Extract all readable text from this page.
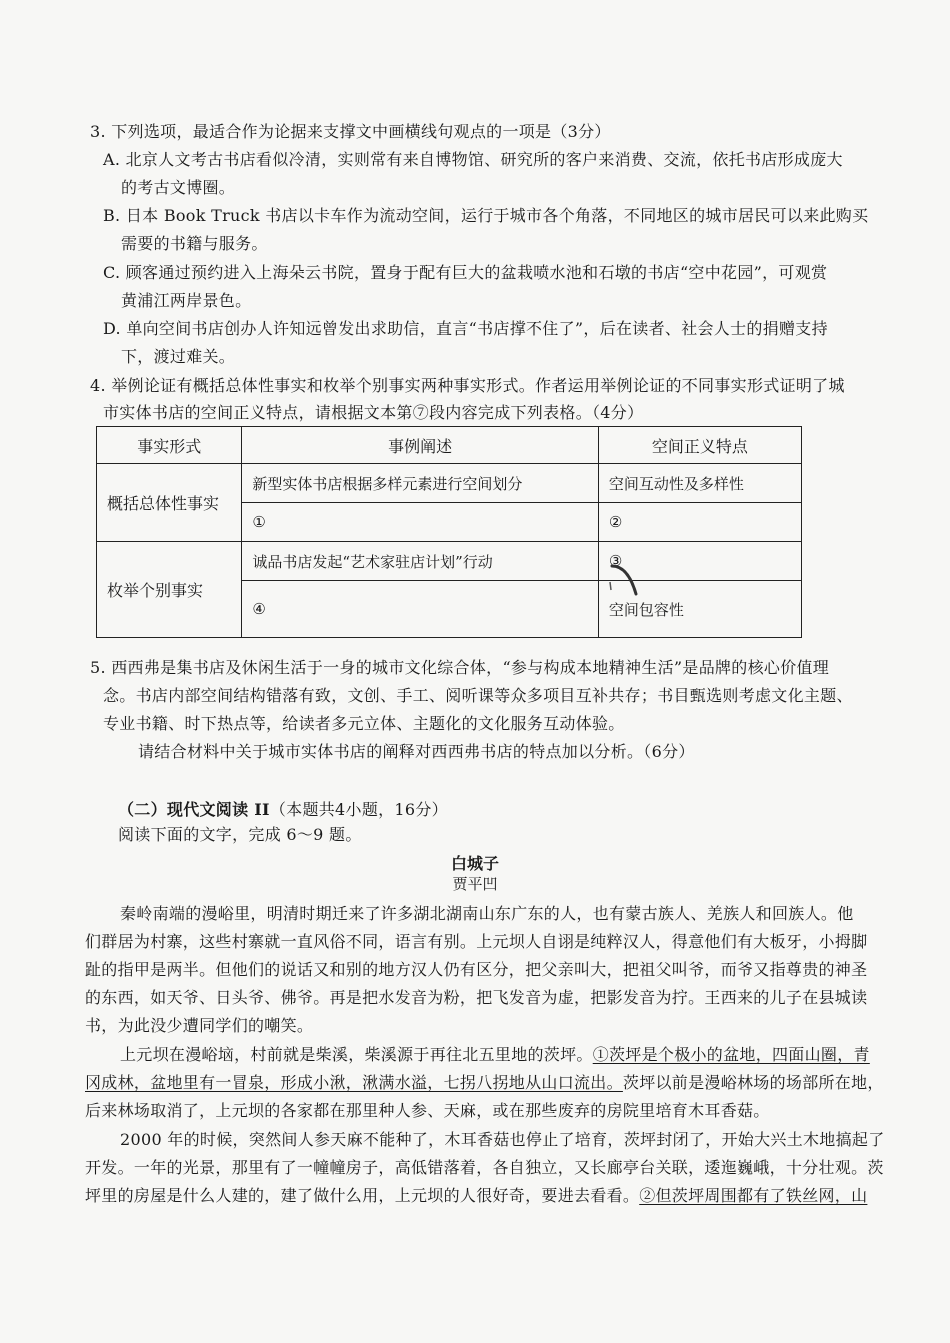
3. 下列选项，最适合作为论据来支撑文中画横线句观点的一项是（3分）
A. 北京人文考古书店看似冷清，实则常有来自博物馆、研究所的客户来消费、交流，依托书店形成庞大
的考古文博圈。
B. 日本 Book Truck 书店以卡车作为流动空间，运行于城市各个角落，不同地区的城市居民可以来此购买
需要的书籍与服务。
C. 顾客通过预约进入上海朵云书院，置身于配有巨大的盆栽喷水池和石墩的书店“空中花园”，可观赏
黄浦江两岸景色。
D. 单向空间书店创办人许知远曾发出求助信，直言“书店撑不住了”，后在读者、社会人士的捐赠支持
下，渡过难关。
4. 举例论证有概括总体性事实和枚举个别事实两种事实形式。作者运用举例论证的不同事实形式证明了城
市实体书店的空间正义特点，请根据文本第⑦段内容完成下列表格。（4分）
事实形式	事例阐述	空间正义特点
概括总体性事实	新型实体书店根据多样元素进行空间划分	空间互动性及多样性
	①	②
枚举个别事实	诚品书店发起“艺术家驻店计划”行动	③
	④	空间包容性
5. 西西弗是集书店及休闲生活于一身的城市文化综合体，“参与构成本地精神生活”是品牌的核心价值理
念。书店内部空间结构错落有致，文创、手工、阅听课等众多项目互补共存；书目甄选则考虑文化主题、
专业书籍、时下热点等，给读者多元立体、主题化的文化服务互动体验。
请结合材料中关于城市实体书店的阐释对西西弗书店的特点加以分析。（6分）
（二）现代文阅读 II（本题共4小题，16分）
阅读下面的文字，完成 6～9 题。
白城子
贾平凹
秦岭南端的漫峪里，明清时期迁来了许多湖北湖南山东广东的人，也有蒙古族人、羌族人和回族人。他
们群居为村寨，这些村寨就一直风俗不同，语言有别。上元坝人自诩是纯粹汉人，得意他们有大板牙，小拇脚
趾的指甲是两半。但他们的说话又和别的地方汉人仍有区分，把父亲叫大，把祖父叫爷，而爷又指尊贵的神圣
的东西，如天爷、日头爷、佛爷。再是把水发音为粉，把飞发音为虚，把影发音为拧。王西来的儿子在县城读
书，为此没少遭同学们的嘲笑。
上元坝在漫峪垴，村前就是柴溪，柴溪源于再往北五里地的茨坪。①茨坪是个极小的盆地，四面山圈，青
冈成林，盆地里有一冒泉，形成小湫，湫满水溢，七拐八拐地从山口流出。茨坪以前是漫峪林场的场部所在地，
后来林场取消了，上元坝的各家都在那里种人参、天麻，或在那些废弃的房院里培育木耳香菇。
2000 年的时候，突然间人参天麻不能种了，木耳香菇也停止了培育，茨坪封闭了，开始大兴土木地搞起了
开发。一年的光景，那里有了一幢幢房子，高低错落着，各自独立，又长廊亭台关联，逶迤巍峨，十分壮观。茨
坪里的房屋是什么人建的，建了做什么用，上元坝的人很好奇，要进去看看。②但茨坪周围都有了铁丝网，山
